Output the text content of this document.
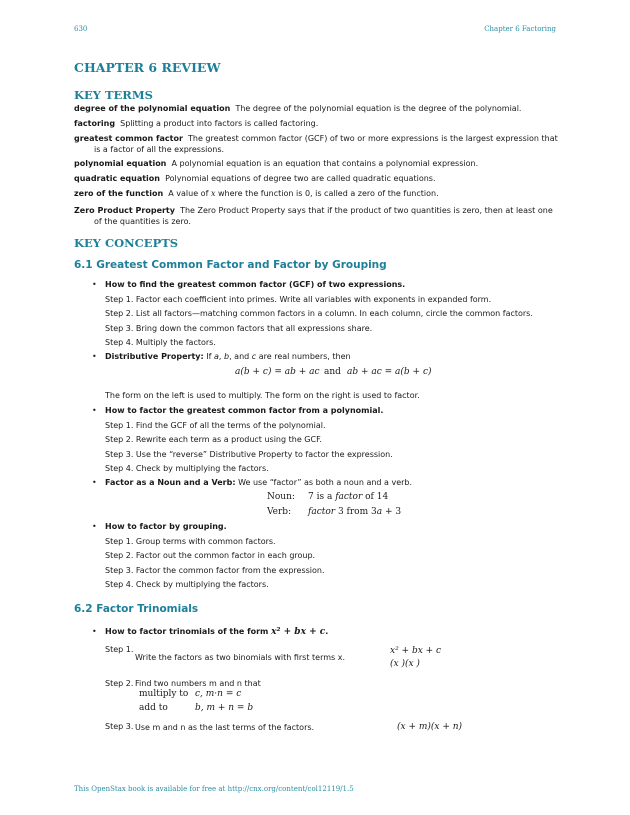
630	Chapter 6 Factoring
CHAPTER 6 REVIEW
KEY TERMS
degree of the polynomial equation The degree of the polynomial equation is the degree of the polynomial.
factoring Splitting a product into factors is called factoring.
greatest common factor The greatest common factor (GCF) of two or more expressions is the largest expression that is a factor of all the expressions.
polynomial equation A polynomial equation is an equation that contains a polynomial expression.
quadratic equation Polynomial equations of degree two are called quadratic equations.
zero of the function A value of x where the function is 0, is called a zero of the function.
Zero Product Property The Zero Product Property says that if the product of two quantities is zero, then at least one of the quantities is zero.
KEY CONCEPTS
6.1 Greatest Common Factor and Factor by Grouping
• How to find the greatest common factor (GCF) of two expressions.
Step 1. Factor each coefficient into primes. Write all variables with exponents in expanded form.
Step 2. List all factors—matching common factors in a column. In each column, circle the common factors.
Step 3. Bring down the common factors that all expressions share.
Step 4. Multiply the factors.
• Distributive Property: If a, b, and c are real numbers, then
a(b + c) = ab + ac and ab + ac = a(b + c)
The form on the left is used to multiply. The form on the right is used to factor.
• How to factor the greatest common factor from a polynomial.
Step 1. Find the GCF of all the terms of the polynomial.
Step 2. Rewrite each term as a product using the GCF.
Step 3. Use the “reverse” Distributive Property to factor the expression.
Step 4. Check by multiplying the factors.
• Factor as a Noun and a Verb: We use “factor” as both a noun and a verb.
Noun: 7 is a factor of 14
Verb: factor 3 from 3a + 3
• How to factor by grouping.
Step 1. Group terms with common factors.
Step 2. Factor out the common factor in each group.
Step 3. Factor the common factor from the expression.
Step 4. Check by multiplying the factors.
6.2 Factor Trinomials
• How to factor trinomials of the form x² + bx + c.
Step 1.
Write the factors as two binomials with first terms x.
x² + bx + c
(x )(x )
Step 2. Find two numbers m and n that
multiply to c, m·n = c
add to	b, m + n = b
Step 3. Use m and n as the last terms of the factors.	(x + m)(x + n)
This OpenStax book is available for free at http://cnx.org/content/col12119/1.5
